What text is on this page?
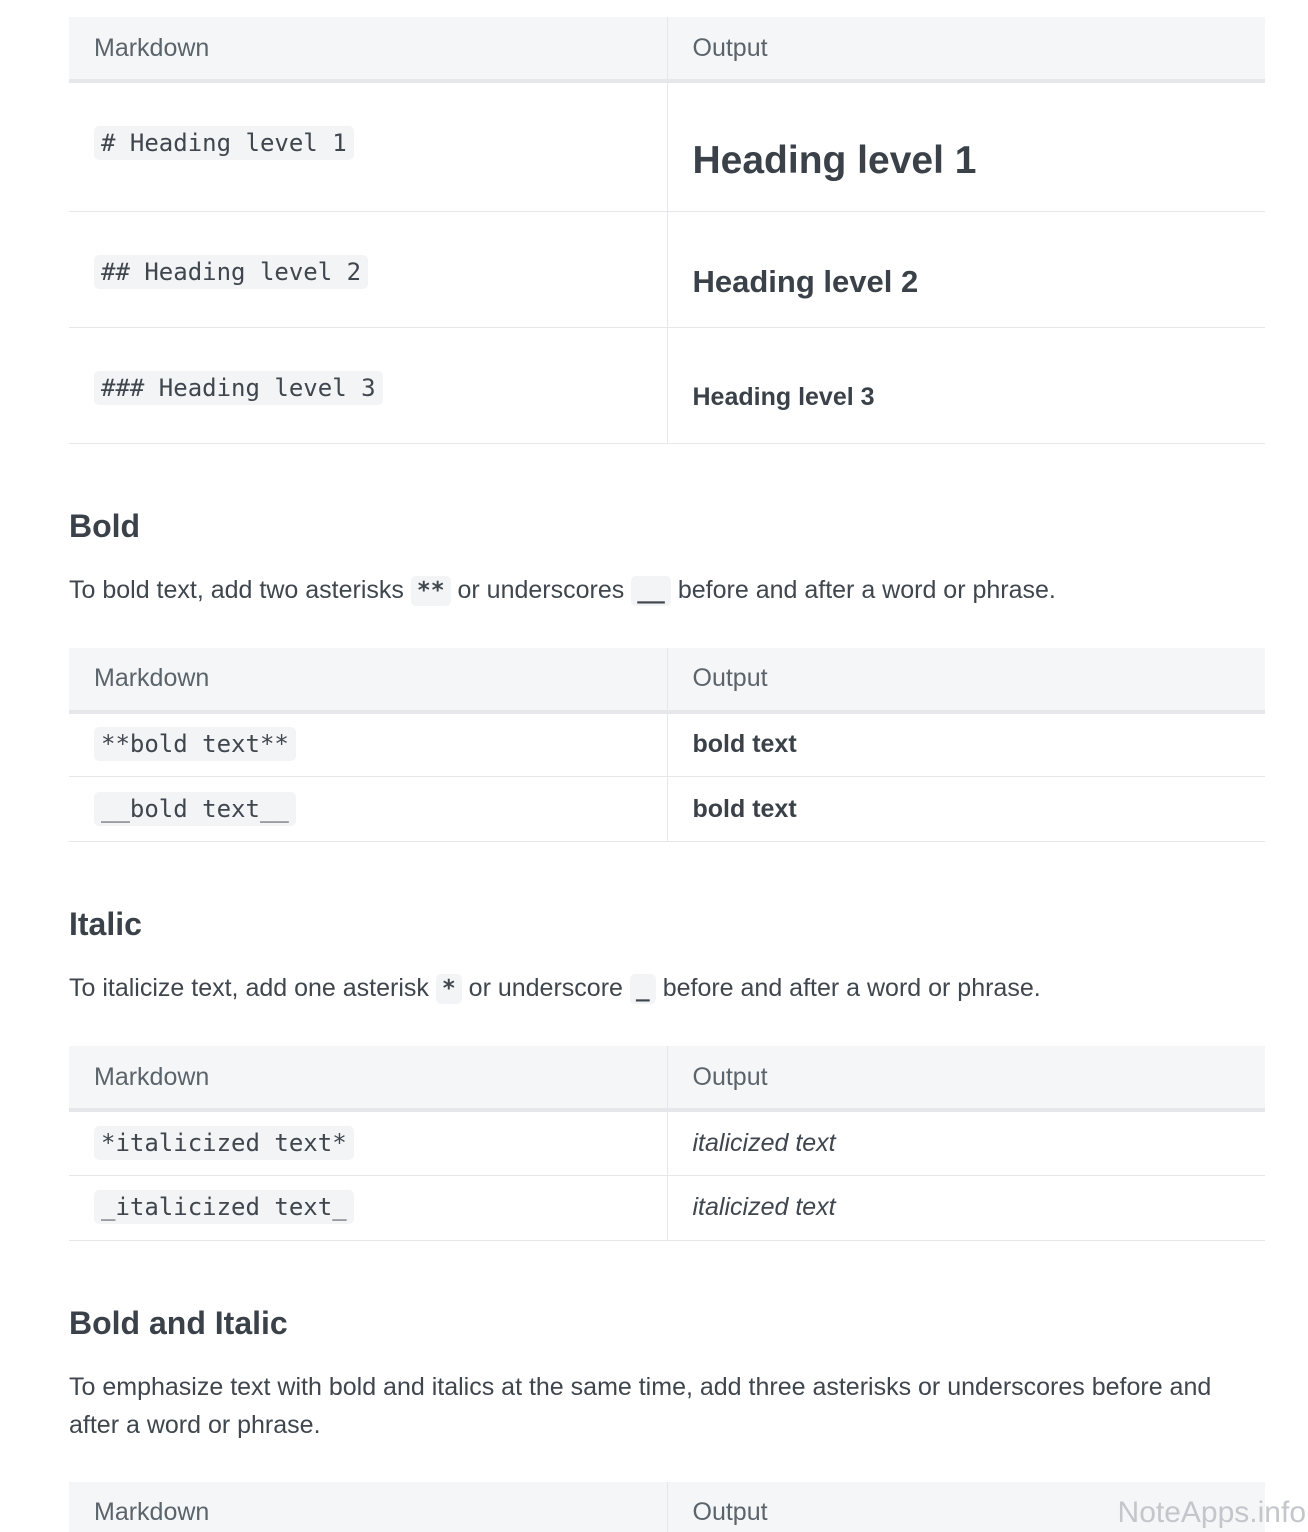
Markdown	Output
# Heading level 1	Heading level 1
## Heading level 2	Heading level 2
### Heading level 3	Heading level 3
Bold

To bold text, add two asterisks ** or underscores __ before and after a word or phrase.

Markdown	Output
**bold text**	bold text
__bold text__	bold text
Italic

To italicize text, add one asterisk * or underscore _ before and after a word or phrase.

Markdown	Output
*italicized text*	italicized text
_italicized text_	italicized text
Bold and Italic

To emphasize text with bold and italics at the same time, add three asterisks or underscores before and after a word or phrase.

Markdown	Output	NoteApps.info
